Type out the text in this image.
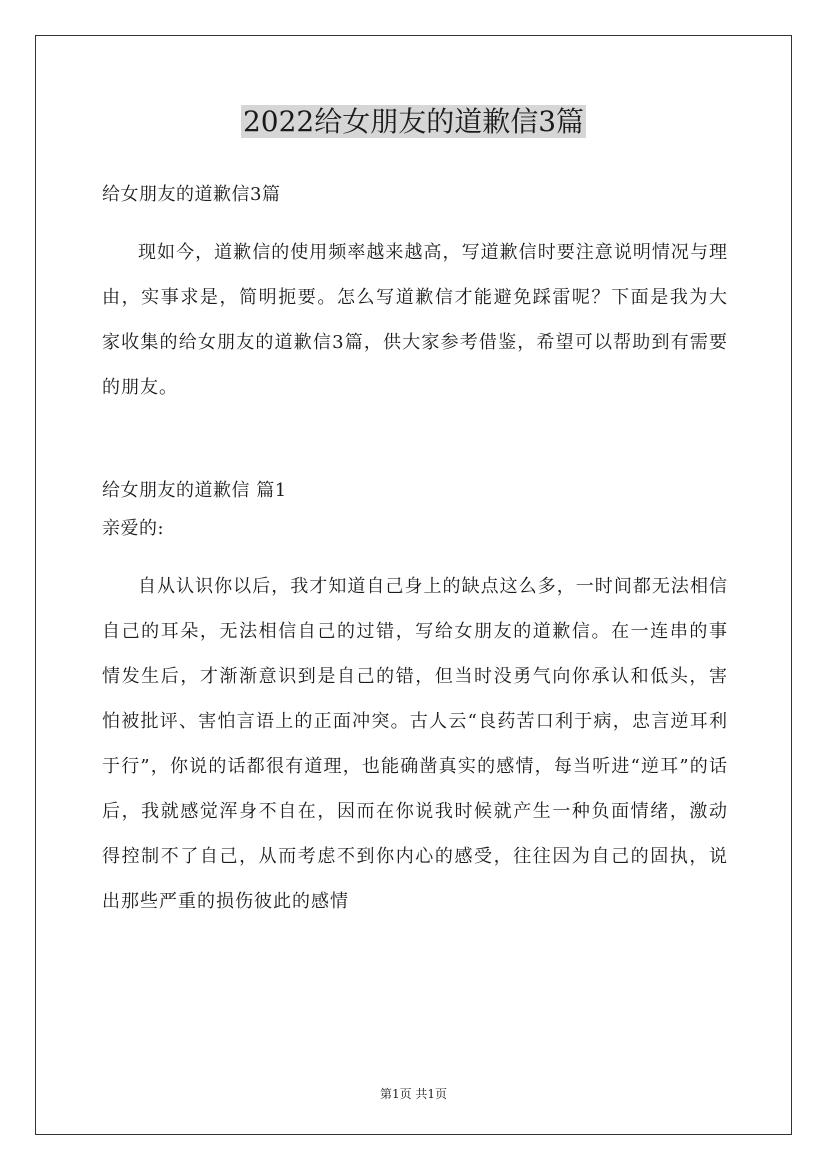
2022给女朋友的道歉信3篇

给女朋友的道歉信3篇

现如今，道歉信的使用频率越来越高，写道歉信时要注意说明情况与理由，实事求是，简明扼要。怎么写道歉信才能避免踩雷呢？下面是我为大家收集的给女朋友的道歉信3篇，供大家参考借鉴，希望可以帮助到有需要的朋友。

给女朋友的道歉信 篇1

亲爱的:

自从认识你以后，我才知道自己身上的缺点这么多，一时间都无法相信自己的耳朵，无法相信自己的过错，写给女朋友的道歉信。在一连串的事情发生后，才渐渐意识到是自己的错，但当时没勇气向你承认和低头，害怕被批评、害怕言语上的正面冲突。古人云“良药苦口利于病，忠言逆耳利于行”，你说的话都很有道理，也能确凿真实的感情，每当听进“逆耳”的话后，我就感觉浑身不自在，因而在你说我时候就产生一种负面情绪，激动得控制不了自己，从而考虑不到你内心的感受，往往因为自己的固执，说出那些严重的损伤彼此的感情

第1页 共1页
